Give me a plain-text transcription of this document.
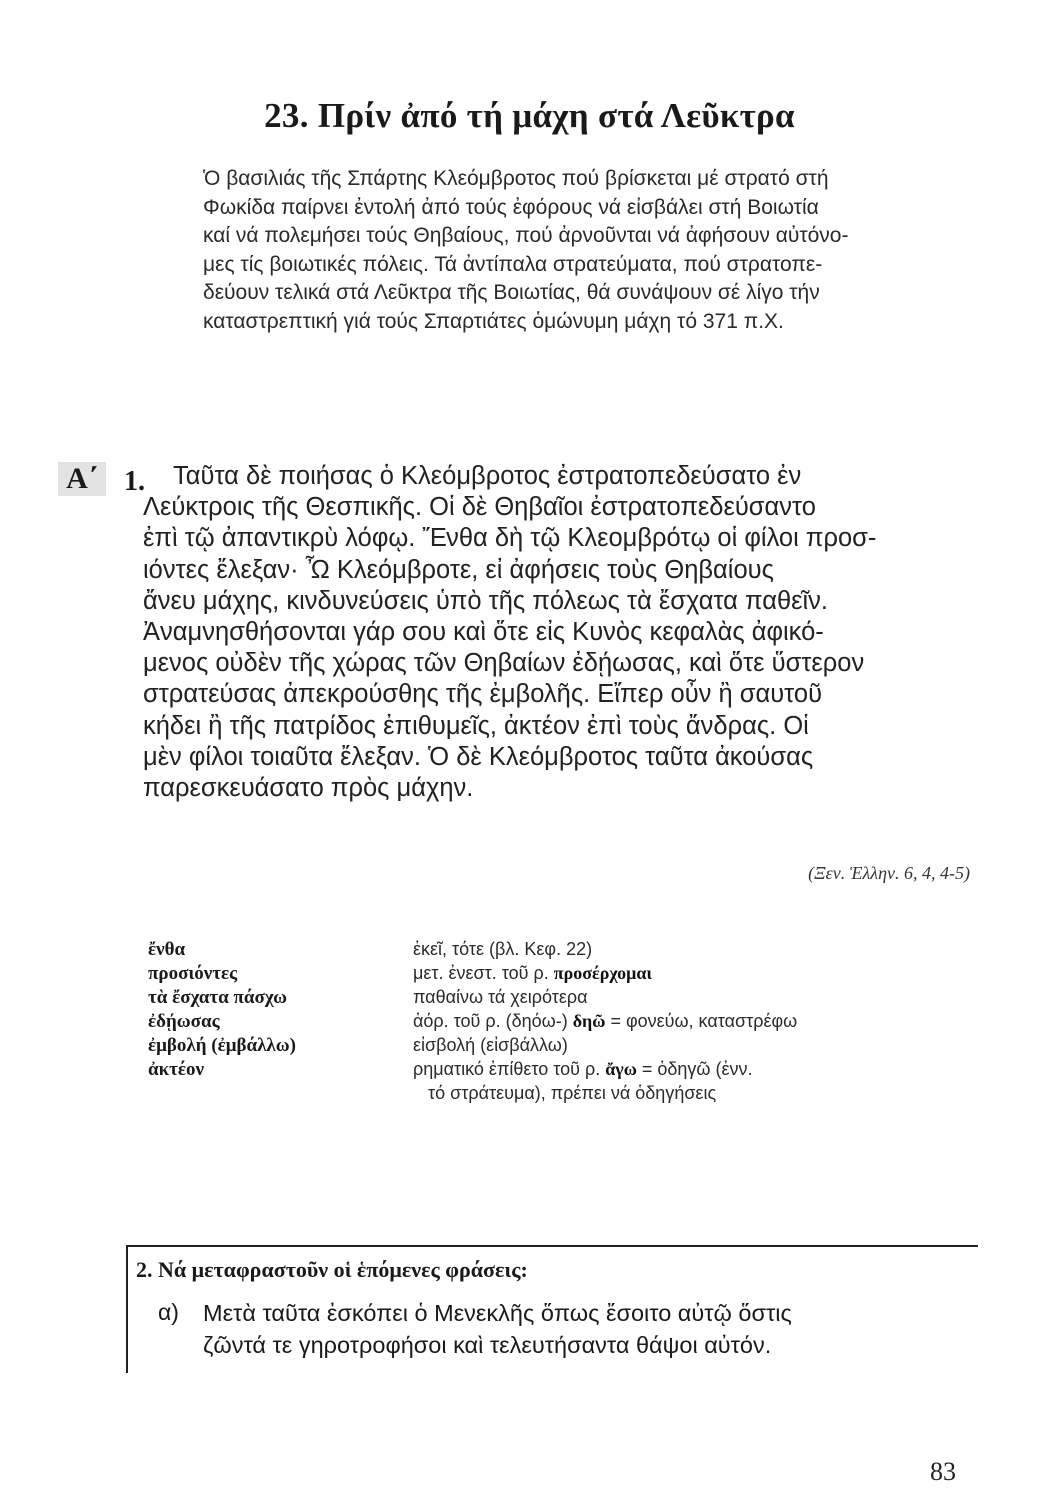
23. Πρίν ἀπό τή μάχη στά Λεῦκτρα
Ὁ βασιλιάς τῆς Σπάρτης Κλεόμβροτος πού βρίσκεται μέ στρατό στή
Φωκίδα παίρνει ἐντολή ἀπό τούς ἐφόρους νά εἰσβάλει στή Βοιωτία
καί νά πολεμήσει τούς Θηβαίους, πού ἀρνοῦνται νά ἀφήσουν αὐτόνο-
μες τίς βοιωτικές πόλεις. Τά ἀντίπαλα στρατεύματα, πού στρατοπε-
δεύουν τελικά στά Λεῦκτρα τῆς Βοιωτίας, θά συνάψουν σέ λίγο τήν
καταστρεπτική γιά τούς Σπαρτιάτες ὁμώνυμη μάχη τό 371 π.Χ.
Α΄ 1.	Ταῦτα δὲ ποιήσας ὁ Κλεόμβροτος ἐστρατοπεδεύσατο ἐν
Λεύκτροις τῆς Θεσπικῆς. Οἱ δὲ Θηβαῖοι ἐστρατοπεδεύσαντο
ἐπὶ τῷ ἀπαντικρὺ λόφῳ. Ἔνθα δὴ τῷ Κλεομβρότῳ οἱ φίλοι προσ-
ιόντες ἔλεξαν· Ὦ Κλεόμβροτε, εἰ ἀφήσεις τοὺς Θηβαίους
ἄνευ μάχης, κινδυνεύσεις ὑπὸ τῆς πόλεως τὰ ἔσχατα παθεῖν.
Ἀναμνησθήσονται γάρ σου καὶ ὅτε εἰς Κυνὸς κεφαλὰς ἀφικό-
μενος οὐδὲν τῆς χώρας τῶν Θηβαίων ἐδῄωσας, καὶ ὅτε ὕστερον
στρατεύσας ἀπεκρούσθης τῆς ἐμβολῆς. Εἴπερ οὖν ἢ σαυτοῦ
κήδει ἢ τῆς πατρίδος ἐπιθυμεῖς, ἀκτέον ἐπὶ τοὺς ἄνδρας. Οἱ
μὲν φίλοι τοιαῦτα ἔλεξαν. Ὁ δὲ Κλεόμβροτος ταῦτα ἀκούσας
παρεσκευάσατο πρὸς μάχην.
(Ξεν. Ἑλλην. 6, 4, 4-5)
ἔνθα	ἐκεῖ, τότε (βλ. Κεφ. 22)
προσιόντες	μετ. ἐνεστ. τοῦ ρ. προσέρχομαι
τὰ ἔσχατα πάσχω	παθαίνω τά χειρότερα
ἐδῄωσας	ἀόρ. τοῦ ρ. (δηόω-) δηῶ = φονεύω, καταστρέφω
ἐμβολή (ἐμβάλλω)	εἰσβολή (εἰσβάλλω)
ἀκτέον	ρηματικό ἐπίθετο τοῦ ρ. ἄγω = ὁδηγῶ (ἐνν.
τό στράτευμα), πρέπει νά ὁδηγήσεις
2. Νά μεταφραστοῦν οἱ ἑπόμενες φράσεις:
α) Μετὰ ταῦτα ἐσκόπει ὁ Μενεκλῆς ὅπως ἔσοιτο αὐτῷ ὅστις
ζῶντά τε γηροτροφήσοι καὶ τελευτήσαντα θάψοι αὐτόν.
83
